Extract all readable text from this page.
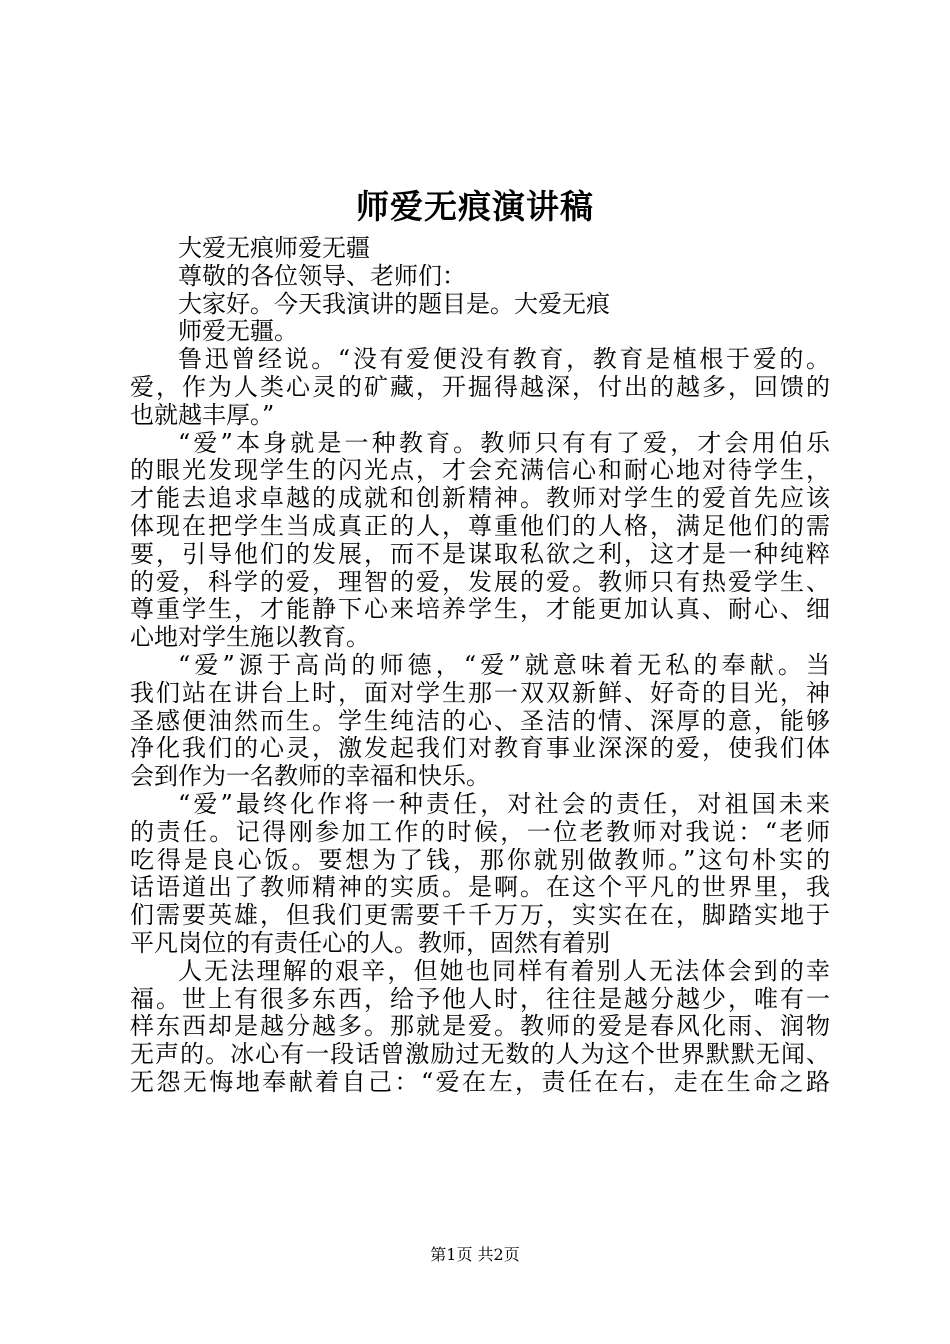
师爱无痕演讲稿
大爱无痕师爱无疆
尊敬的各位领导、老师们：
大家好。今天我演讲的题目是。大爱无痕
师爱无疆。
鲁迅曾经说。“没有爱便没有教育，教育是植根于爱的。
爱，作为人类心灵的矿藏，开掘得越深，付出的越多，回馈的
也就越丰厚。”
“爱”本身就是一种教育。教师只有有了爱，才会用伯乐
的眼光发现学生的闪光点，才会充满信心和耐心地对待学生，
才能去追求卓越的成就和创新精神。教师对学生的爱首先应该
体现在把学生当成真正的人，尊重他们的人格，满足他们的需
要，引导他们的发展，而不是谋取私欲之利，这才是一种纯粹
的爱，科学的爱，理智的爱，发展的爱。教师只有热爱学生、
尊重学生，才能静下心来培养学生，才能更加认真、耐心、细
心地对学生施以教育。
“爱”源于高尚的师德，“爱”就意味着无私的奉献。当
我们站在讲台上时，面对学生那一双双新鲜、好奇的目光，神
圣感便油然而生。学生纯洁的心、圣洁的情、深厚的意，能够
净化我们的心灵，激发起我们对教育事业深深的爱，使我们体
会到作为一名教师的幸福和快乐。
“爱”最终化作将一种责任，对社会的责任，对祖国未来
的责任。记得刚参加工作的时候，一位老教师对我说：“老师
吃得是良心饭。要想为了钱，那你就别做教师。”这句朴实的
话语道出了教师精神的实质。是啊。在这个平凡的世界里，我
们需要英雄，但我们更需要千千万万，实实在在，脚踏实地于
平凡岗位的有责任心的人。教师，固然有着别
人无法理解的艰辛，但她也同样有着别人无法体会到的幸
福。世上有很多东西，给予他人时，往往是越分越少，唯有一
样东西却是越分越多。那就是爱。教师的爱是春风化雨、润物
无声的。冰心有一段话曾激励过无数的人为这个世界默默无闻、
无怨无悔地奉献着自己：“爱在左，责任在右，走在生命之路
第1页 共2页
